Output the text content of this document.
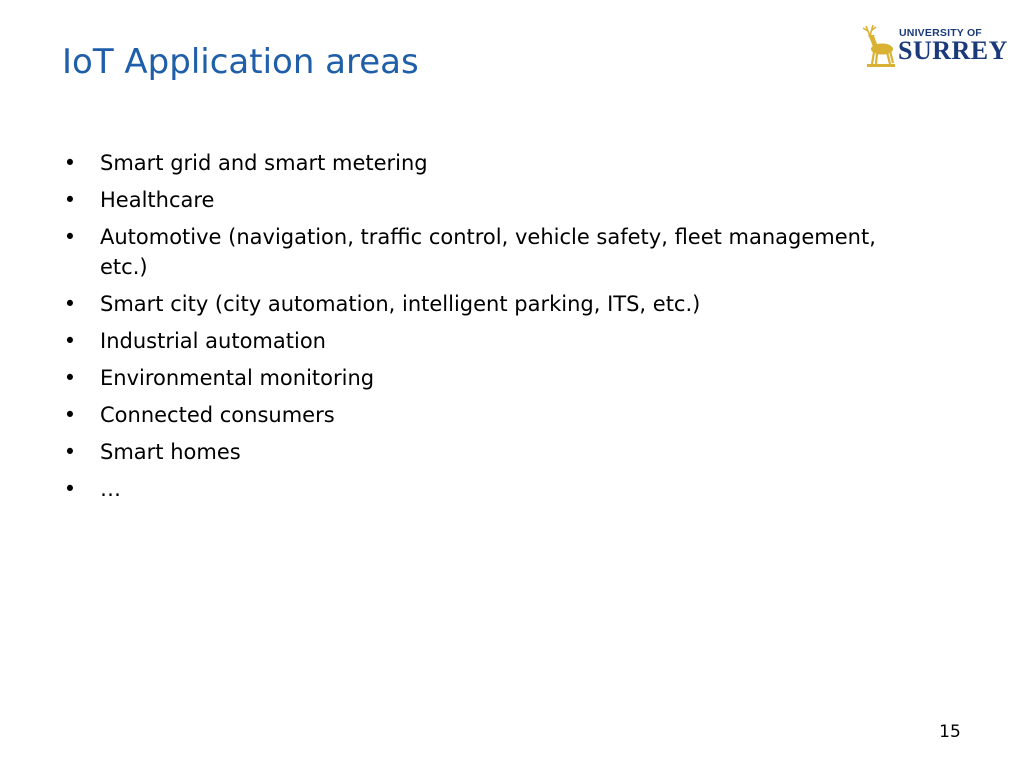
IoT Application areas
UNIVERSITY OF
SURREY
• Smart grid and smart metering
• Healthcare
• Automotive (navigation, traffic control, vehicle safety, fleet management, etc.)
• Smart city (city automation, intelligent parking, ITS, etc.)
• Industrial automation
• Environmental monitoring
• Connected consumers
• Smart homes
• …
15
